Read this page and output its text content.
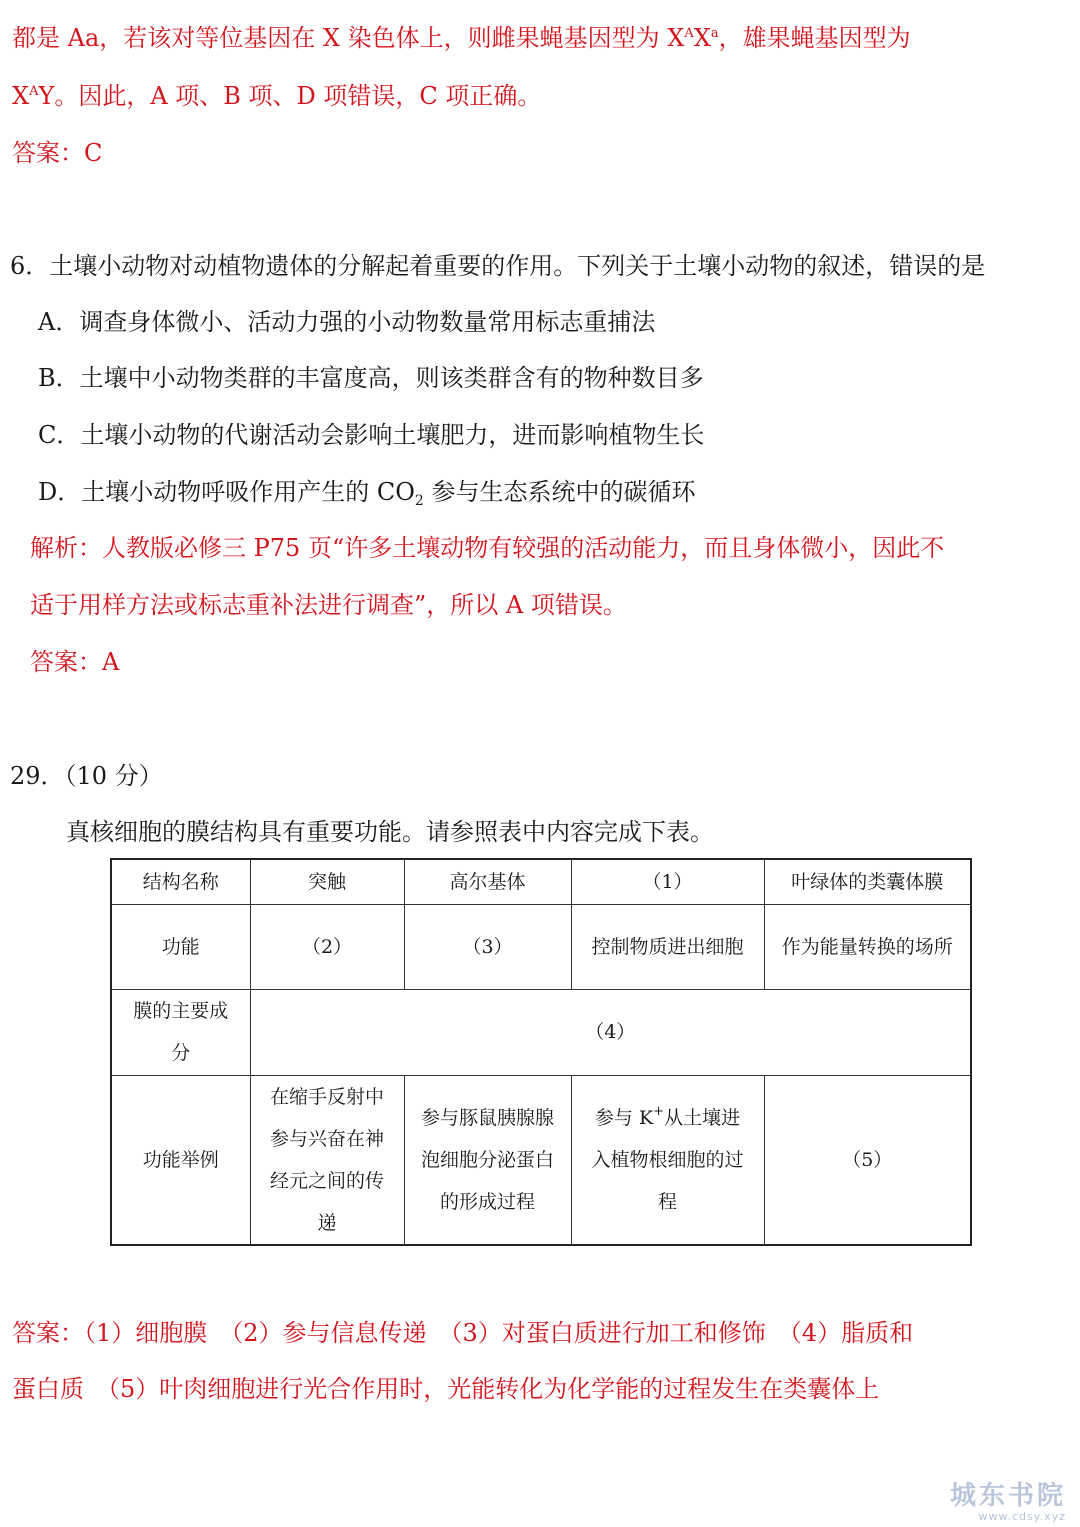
都是 Aa，若该对等位基因在 X 染色体上，则雌果蝇基因型为 $X^AX^a$，雄果蝇基因型为
$X^AY$。因此，A 项、B 项、D 项错误，C 项正确。
答案：C
6．土壤小动物对动植物遗体的分解起着重要的作用。下列关于土壤小动物的叙述，错误的是
A．调查身体微小、活动力强的小动物数量常用标志重捕法
B．土壤中小动物类群的丰富度高，则该类群含有的物种数目多
C．土壤小动物的代谢活动会影响土壤肥力，进而影响植物生长
D．土壤小动物呼吸作用产生的 $CO_2$ 参与生态系统中的碳循环
解析：人教版必修三 P75 页“许多土壤动物有较强的活动能力，而且身体微小，因此不
适于用样方法或标志重补法进行调查”，所以 A 项错误。
答案：A
29．（10 分）
真核细胞的膜结构具有重要功能。请参照表中内容完成下表。
结构名称	突触	高尔基体	（1）	叶绿体的类囊体膜
功能	（2）	（3）	控制物质进出细胞	作为能量转换的场所
膜的主要成分	（4）			
功能举例	在缩手反射中参与兴奋在神经元之间的传递	参与豚鼠胰腺腺泡细胞分泌蛋白的形成过程	参与 K+从土壤进入植物根细胞的过程	（5）
答案：（1）细胞膜　（2）参与信息传递　（3）对蛋白质进行加工和修饰　（4）脂质和
蛋白质　（5）叶肉细胞进行光合作用时，光能转化为化学能的过程发生在类囊体上
城东书院
www.cdsy.xyz
